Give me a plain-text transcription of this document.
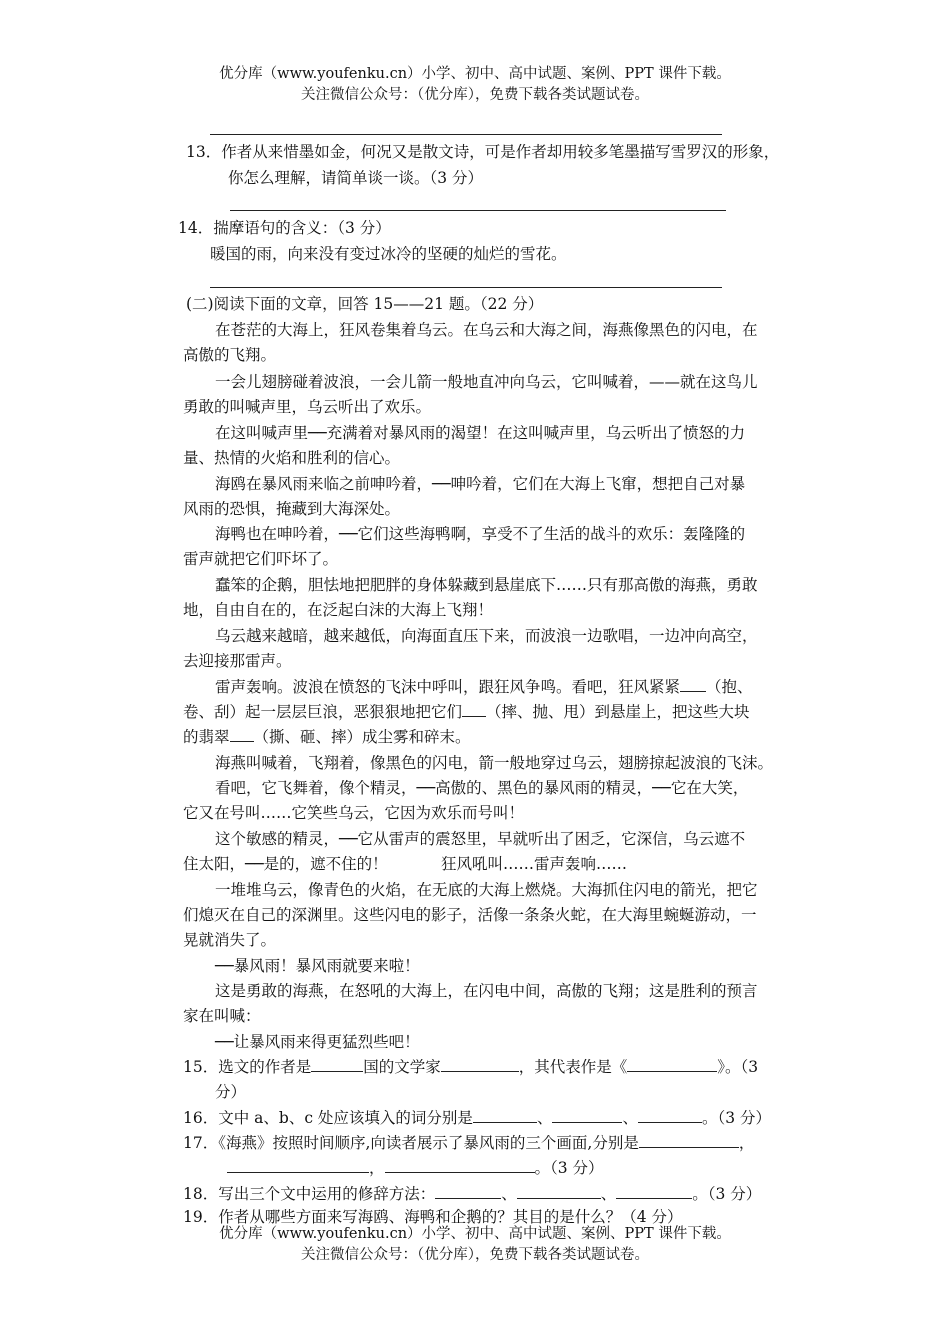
优分库（www.youfenku.cn）小学、初中、高中试题、案例、PPT 课件下载。
关注微信公众号：（优分库），免费下载各类试题试卷。
13．作者从来惜墨如金，何况又是散文诗，可是作者却用较多笔墨描写雪罗汉的形象，
你怎么理解，请简单谈一谈。（3 分）
14．揣摩语句的含义：（3 分）
暖国的雨，向来没有变过冰冷的坚硬的灿烂的雪花。
(二)阅读下面的文章，回答 15——21 题。（22 分）
在苍茫的大海上，狂风卷集着乌云。在乌云和大海之间，海燕像黑色的闪电，在
高傲的飞翔。
一会儿翅膀碰着波浪，一会儿箭一般地直冲向乌云，它叫喊着，——就在这鸟儿
勇敢的叫喊声里，乌云听出了欢乐。
在这叫喊声里──充满着对暴风雨的渴望！在这叫喊声里，乌云听出了愤怒的力
量、热情的火焰和胜利的信心。
海鸥在暴风雨来临之前呻吟着，──呻吟着，它们在大海上飞窜，想把自己对暴
风雨的恐惧，掩藏到大海深处。
海鸭也在呻吟着，──它们这些海鸭啊，享受不了生活的战斗的欢乐：轰隆隆的
雷声就把它们吓坏了。
蠢笨的企鹅，胆怯地把肥胖的身体躲藏到悬崖底下……只有那高傲的海燕，勇敢
地，自由自在的，在泛起白沫的大海上飞翔！
乌云越来越暗，越来越低，向海面直压下来，而波浪一边歌唱，一边冲向高空，
去迎接那雷声。
雷声轰响。波浪在愤怒的飞沫中呼叫，跟狂风争鸣。看吧，狂风紧紧 （抱、
卷、刮）起一层层巨浪，恶狠狠地把它们 （摔、抛、甩）到悬崖上，把这些大块
的翡翠 （撕、砸、摔）成尘雾和碎末。
海燕叫喊着，飞翔着，像黑色的闪电，箭一般地穿过乌云，翅膀掠起波浪的飞沫。
看吧，它飞舞着，像个精灵，──高傲的、黑色的暴风雨的精灵，──它在大笑，
它又在号叫……它笑些乌云，它因为欢乐而号叫！
这个敏感的精灵，──它从雷声的震怒里，早就听出了困乏，它深信，乌云遮不
住太阳，──是的，遮不住的！	狂风吼叫……雷声轰响……
一堆堆乌云，像青色的火焰，在无底的大海上燃烧。大海抓住闪电的箭光，把它
们熄灭在自己的深渊里。这些闪电的影子，活像一条条火蛇，在大海里蜿蜒游动，一
晃就消失了。
──暴风雨！暴风雨就要来啦！
这是勇敢的海燕，在怒吼的大海上，在闪电中间，高傲的飞翔；这是胜利的预言
家在叫喊：
──让暴风雨来得更猛烈些吧！
15．选文的作者是	国的文学家	，其代表作是《	》。（3
分）
16．文中 a、b、c 处应该填入的词分别是	、	、	。（3 分）
17．《海燕》按照时间顺序,向读者展示了暴风雨的三个画面,分别是	，
，	。（3 分）
18．写出三个文中运用的修辞方法：	、	、	。（3 分）
19．作者从哪些方面来写海鸥、海鸭和企鹅的？其目的是什么？（4 分）
优分库（www.youfenku.cn）小学、初中、高中试题、案例、PPT 课件下载。
关注微信公众号：（优分库），免费下载各类试题试卷。
